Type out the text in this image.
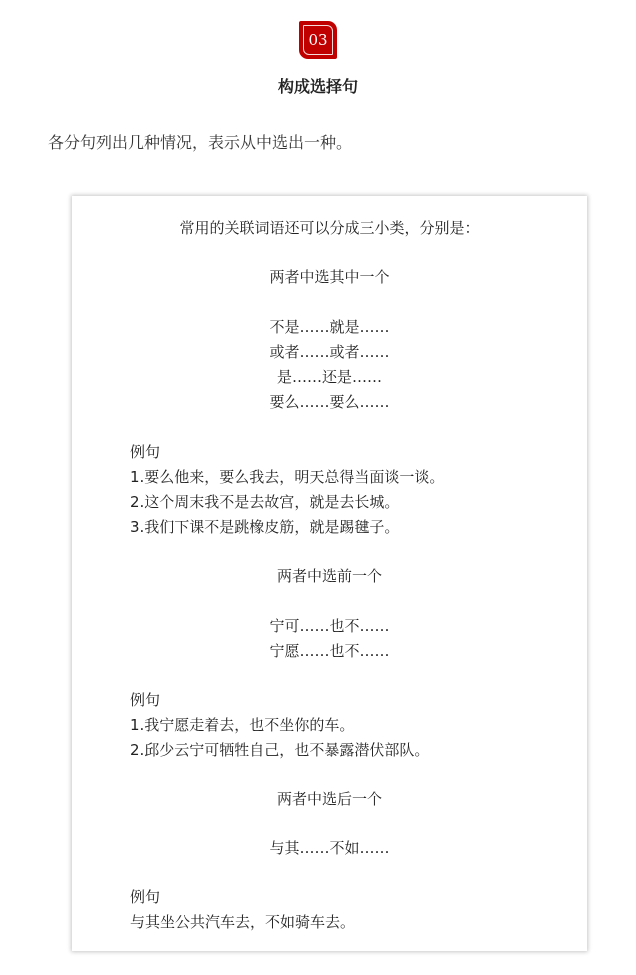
03
构成选择句
各分句列出几种情况，表示从中选出一种。
常用的关联词语还可以分成三小类，分别是：
两者中选其中一个
不是……就是……
或者……或者……
是……还是……
要么……要么……
例句
1.要么他来，要么我去，明天总得当面谈一谈。
2.这个周末我不是去故宫，就是去长城。
3.我们下课不是跳橡皮筋，就是踢毽子。
两者中选前一个
宁可……也不……
宁愿……也不……
例句
1.我宁愿走着去，也不坐你的车。
2.邱少云宁可牺牲自己，也不暴露潜伏部队。
两者中选后一个
与其……不如……
例句
与其坐公共汽车去，不如骑车去。
